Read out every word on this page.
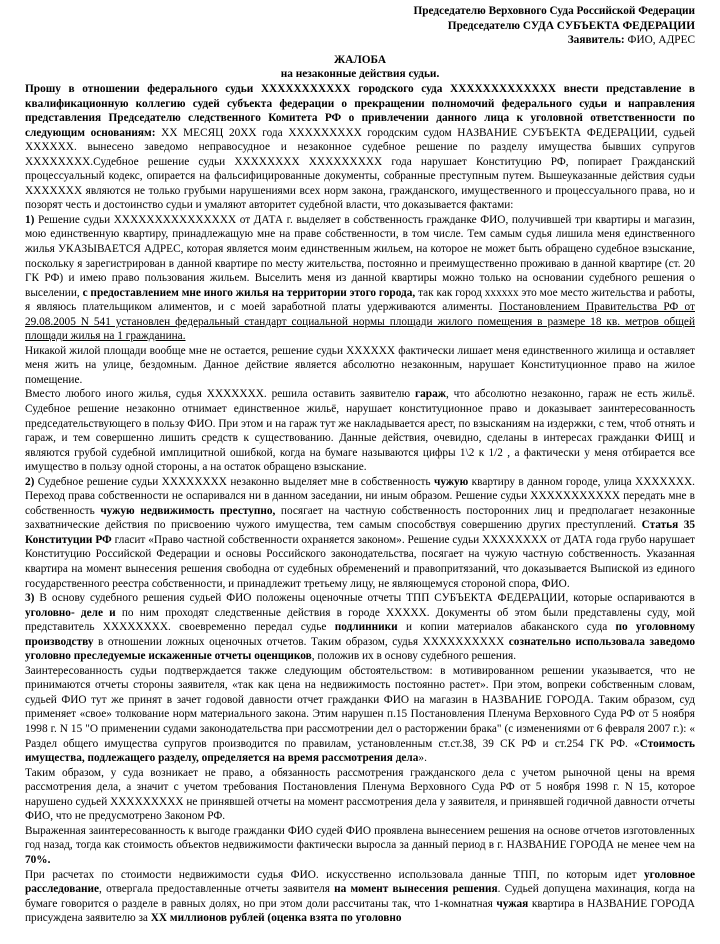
Председателю Верховного Суда Российской Федерации
Председателю СУДА СУБЪЕКТА ФЕДЕРАЦИИ
Заявитель: ФИО, АДРЕС
ЖАЛОБА
на незаконные действия судьи.

Прошу в отношении федерального судьи ХХХХХХХХХХХ городского суда ХХХХХХХХХХХХХ внести представление в квалификационную коллегию судей субъекта федерации о прекращении полномочий федерального судьи и направления представления Председателю следственного Комитета РФ о привлечении данного лица к уголовной ответственности по следующим основаниям: ХХ МЕСЯЦ 20ХХ года ХХХХХХХХХ городским судом НАЗВАНИЕ СУБЪЕКТА ФЕДЕРАЦИИ, судьей ХХХХХХ. вынесено заведомо неправосудное и незаконное судебное решение по разделу имущества бывших супругов ХХХХХХХХ.Судебное решение судьи ХХХХХХХХ ХХХХХХХХХ года нарушает Конституцию РФ, попирает Гражданский процессуальный кодекс, опирается на фальсифицированные документы, собранные преступным путем. Вышеуказанные действия судьи ХХХХХХХ являются не только грубыми нарушениями всех норм закона, гражданского, имущественного и процессуального права, но и позорят честь и достоинство судьи и умаляют авторитет судебной власти, что доказывается фактами:

1) Решение судьи ХХХХХХХХХХХХХХХ от ДАТА г. выделяет в собственность гражданке ФИО, получившей три квартиры и магазин, мою единственную квартиру, принадлежащую мне на праве собственности, в том числе. Тем самым судья лишила меня единственного жилья УКАЗЫВАЕТСЯ АДРЕС, которая является моим единственным жильем, на которое не может быть обращено судебное взыскание, поскольку я зарегистрирован в данной квартире по месту жительства, постоянно и преимущественно проживаю в данной квартире (ст. 20 ГК РФ) и имею право пользования жильем. Выселить меня из данной квартиры можно только на основании судебного решения о выселении, с предоставлением мне иного жилья на территории этого города, так как город хххххх это мое место жительства и работы, я являюсь плательщиком алиментов, и с моей заработной платы удерживаются алименты. Постановлением Правительства РФ от 29.08.2005 N 541 установлен федеральный стандарт социальной нормы площади жилого помещения в размере 18 кв. метров общей площади жилья на 1 гражданина.

Никакой жилой площади вообще мне не остается, решение судьи ХХХХХХ фактически лишает меня единственного жилища и оставляет меня жить на улице, бездомным. Данное действие является абсолютно незаконным, нарушает Конституционное право на жилое помещение.

Вместо любого иного жилья, судья ХХХХХХХ. решила оставить заявителю гараж, что абсолютно незаконно, гараж не есть жильё. Судебное решение незаконно отнимает единственное жильё, нарушает конституционное право и доказывает заинтересованность председательствующего в пользу ФИО. При этом и на гараж тут же накладывается арест, по взысканиям на издержки, с тем, чтоб отнять и гараж, и тем совершенно лишить средств к существованию. Данные действия, очевидно, сделаны в интересах гражданки ФИЩ и являются грубой судебной имплицитной ошибкой, когда на бумаге называются цифры 1\2 к 1/2 , а фактически у меня отбирается все имущество в пользу одной стороны, а на остаток обращено взыскание.

2) Судебное решение судьи ХХХХХХХХ незаконно выделяет мне в собственность чужую квартиру в данном городе, улица ХХХХХХХ. Переход права собственности не оспаривался ни в данном заседании, ни иным образом. Решение судьи ХХХХХХХХХХХ передать мне в собственность чужую недвижимость преступно, посягает на частную собственность посторонних лиц и предполагает незаконные захватнические действия по присвоению чужого имущества, тем самым способствуя совершению других преступлений. Статья 35 Конституции РФ гласит «Право частной собственности охраняется законом». Решение судьи ХХХХХХХХ от ДАТА года грубо нарушает Конституцию Российской Федерации и основы Российского законодательства, посягает на чужую частную собственность. Указанная квартира на момент вынесения решения свободна от судебных обременений и правопритязаний, что доказывается Выпиской из единого государственного реестра собственности, и принадлежит третьему лицу, не являющемуся стороной спора, ФИО.

3) В основу судебного решения судьей ФИО положены оценочные отчеты ТПП СУБЪЕКТА ФЕДЕРАЦИИ, которые оспариваются в уголовно- деле и по ним проходят следственные действия в городе ХХХХХ. Документы об этом были представлены суду, мой представитель ХХХХХХХХ. своевременно передал судье подлинники и копии материалов абаканского суда по уголовному производству в отношении ложных оценочных отчетов. Таким образом, судья ХХХХХХХХХХ сознательно использовала заведомо уголовно преследуемые искаженные отчеты оценщиков, положив их в основу судебного решения.

Заинтересованность судьи подтверждается также следующим обстоятельством: в мотивированном решении указывается, что не принимаются отчеты стороны заявителя, «так как цена на недвижимость постоянно растет». При этом, вопреки собственным словам, судьей ФИО тут же принят в зачет годовой давности отчет гражданки ФИО на магазин в НАЗВАНИЕ ГОРОДА. Таким образом, суд применяет «свое» толкование норм материального закона. Этим нарушен п.15 Постановления Пленума Верховного Суда РФ от 5 ноября 1998 г. N 15 "О применении судами законодательства при рассмотрении дел о расторжении брака" (с изменениями от 6 февраля 2007 г.): « Раздел общего имущества супругов производится по правилам, установленным ст.ст.38, 39 СК РФ и ст.254 ГК РФ. «Стоимость имущества, подлежащего разделу, определяется на время рассмотрения дела».

Таким образом, у суда возникает не право, а обязанность рассмотрения гражданского дела с учетом рыночной цены на время рассмотрения дела, а значит с учетом требования Постановления Пленума Верховного Суда РФ от 5 ноября 1998 г. N 15, которое нарушено судьей ХХХХХХХХХ не принявшей отчеты на момент рассмотрения дела у заявителя, и принявшей годичной давности отчеты ФИО, что не предусмотрено Законом РФ.

Выраженная заинтересованность к выгоде гражданки ФИО судей ФИО проявлена вынесением решения на основе отчетов изготовленных год назад, тогда как стоимость объектов недвижимости фактически выросла за данный период в г. НАЗВАНИЕ ГОРОДА не менее чем на 70%.

При расчетах по стоимости недвижимости судья ФИО. искусственно использовала данные ТПП, по которым идет уголовное расследование, отвергала предоставленные отчеты заявителя на момент вынесения решения. Судьей допущена махинация, когда на бумаге говорится о разделе в равных долях, но при этом доли рассчитаны так, что 1-комнатная чужая квартира в НАЗВАНИЕ ГОРОДА присуждена заявителю за ХХ миллионов рублей (оценка взята по уголовно
